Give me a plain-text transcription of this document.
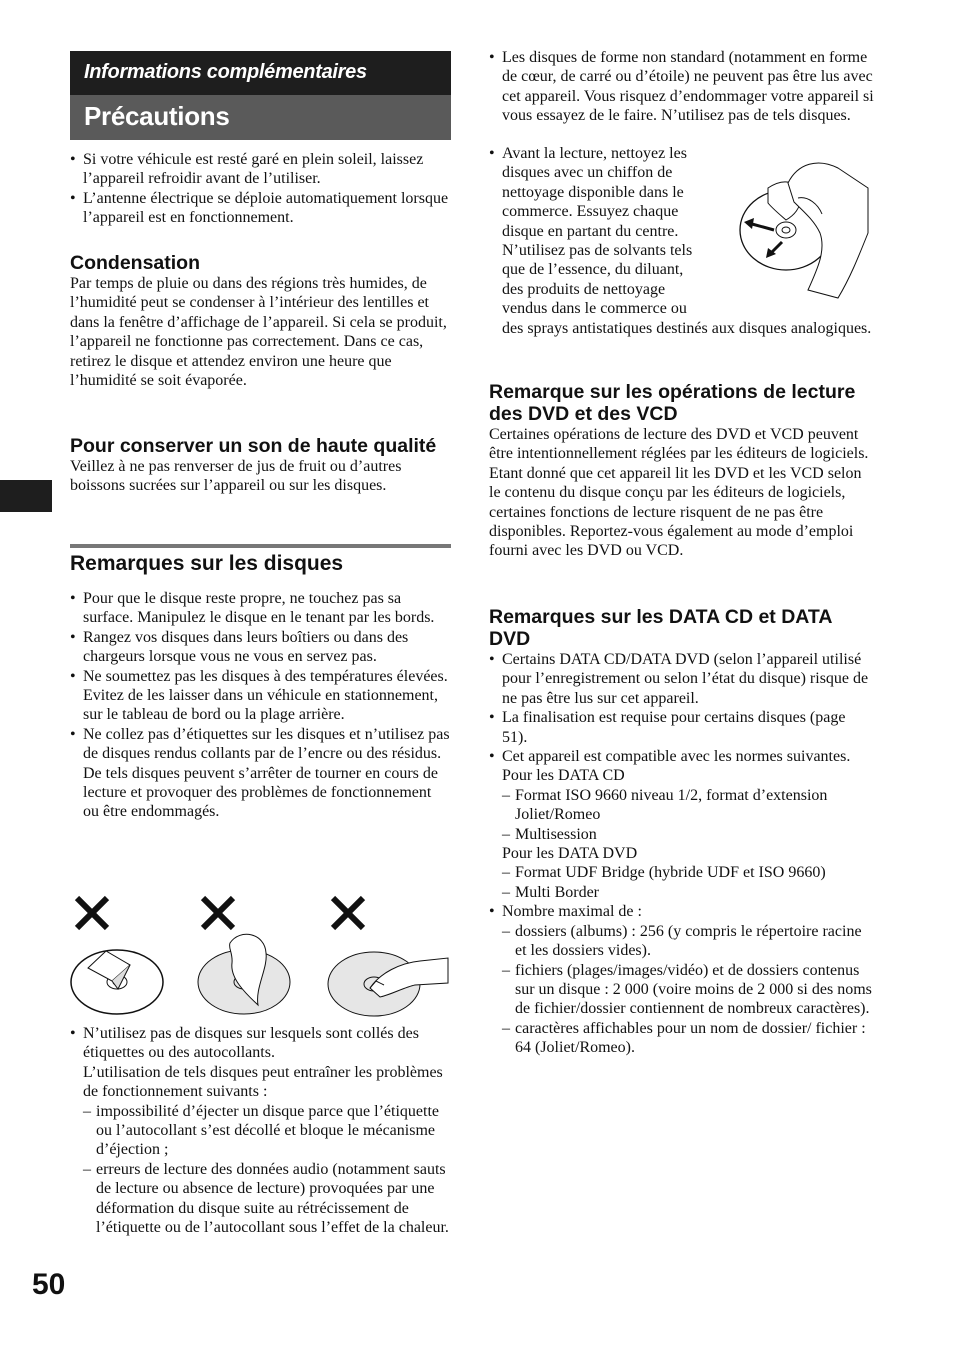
Informations complémentaires
Précautions
• Si votre véhicule est resté garé en plein soleil, laissez l’appareil refroidir avant de l’utiliser.
• L’antenne électrique se déploie automatiquement lorsque l’appareil est en fonctionnement.
Condensation

Par temps de pluie ou dans des régions très humides, de l’humidité peut se condenser à l’intérieur des lentilles et dans la fenêtre d’affichage de l’appareil. Si cela se produit, l’appareil ne fonctionne pas correctement. Dans ce cas, retirez le disque et attendez environ une heure que l’humidité se soit évaporée.

Pour conserver un son de haute qualité

Veillez à ne pas renverser de jus de fruit ou d’autres boissons sucrées sur l’appareil ou sur les disques.

Remarques sur les disques
• Pour que le disque reste propre, ne touchez pas sa surface. Manipulez le disque en le tenant par les bords.
• Rangez vos disques dans leurs boîtiers ou dans des chargeurs lorsque vous ne vous en servez pas.
• Ne soumettez pas les disques à des températures élevées. Evitez de les laisser dans un véhicule en stationnement, sur le tableau de bord ou la plage arrière.
• Ne collez pas d’étiquettes sur les disques et n’utilisez pas de disques rendus collants par de l’encre ou des résidus. De tels disques peuvent s’arrêter de tourner en cours de lecture et provoquer des problèmes de fonctionnement ou être endommagés.

• N’utilisez pas de disques sur lesquels sont collés des étiquettes ou des autocollants.

L’utilisation de tels disques peut entraîner les problèmes de fonctionnement suivants :

– impossibilité d’éjecter un disque parce que l’étiquette ou l’autocollant s’est décollé et bloque le mécanisme d’éjection ;
– erreurs de lecture des données audio (notamment sauts de lecture ou absence de lecture) provoquées par une déformation du disque suite au rétrécissement de l’étiquette ou de l’autocollant sous l’effet de la chaleur.
50
• Les disques de forme non standard (notamment en forme de cœur, de carré ou d’étoile) ne peuvent pas être lus avec cet appareil. Vous risquez d’endommager votre appareil si vous essayez de le faire. N’utilisez pas de tels disques.
• Avant la lecture, nettoyez les
disques avec un chiffon de
nettoyage disponible dans le
commerce. Essuyez chaque
disque en partant du centre.
N’utilisez pas de solvants tels
que de l’essence, du diluant,
des produits de nettoyage
vendus dans le commerce ou
des sprays antistatiques destinés aux disques analogiques.
Remarque sur les opérations de lecture des DVD et des VCD

Certaines opérations de lecture des DVD et VCD peuvent être intentionnellement réglées par les éditeurs de logiciels. Etant donné que cet appareil lit les DVD et les VCD selon le contenu du disque conçu par les éditeurs de logiciels, certaines fonctions de lecture risquent de ne pas être disponibles. Reportez-vous également au mode d’emploi fourni avec les DVD ou VCD.

Remarques sur les DATA CD et DATA DVD
• Certains DATA CD/DATA DVD (selon l’appareil utilisé pour l’enregistrement ou selon l’état du disque) risque de ne pas être lus sur cet appareil.
• La finalisation est requise pour certains disques (page 51).
• Cet appareil est compatible avec les normes suivantes.
Pour les DATA CD
– Format ISO 9660 niveau 1/2, format d’extension Joliet/Romeo
– Multisession
Pour les DATA DVD
– Format UDF Bridge (hybride UDF et ISO 9660)
– Multi Border
• Nombre maximal de :
– dossiers (albums) : 256 (y compris le répertoire racine et les dossiers vides).
– fichiers (plages/images/vidéo) et de dossiers contenus sur un disque : 2 000 (voire moins de 2 000 si des noms de fichier/dossier contiennent de nombreux caractères).
– caractères affichables pour un nom de dossier/ fichier : 64 (Joliet/Romeo).
